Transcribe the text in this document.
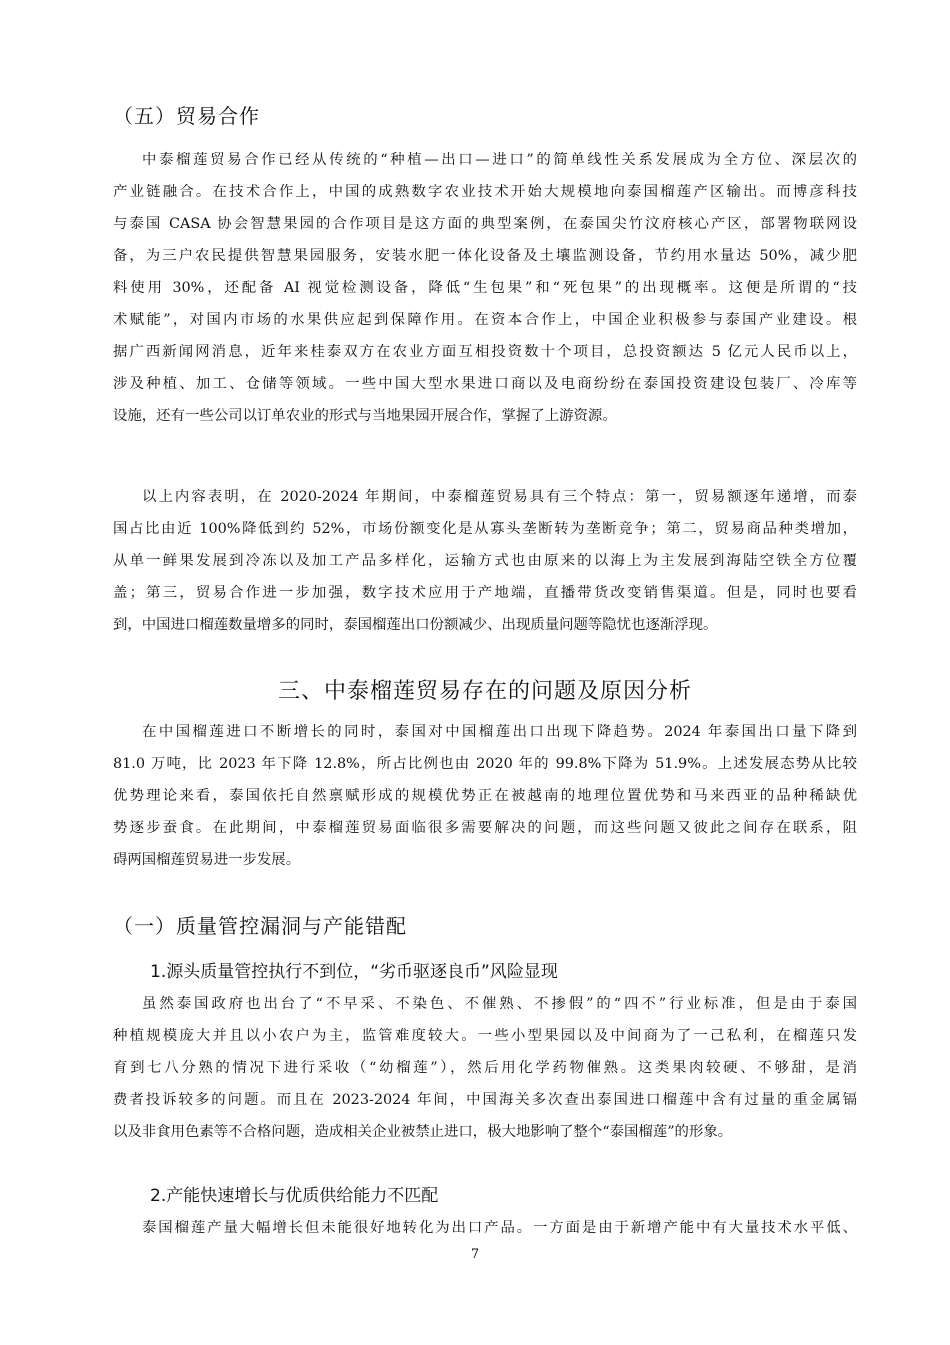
（五）贸易合作
中泰榴莲贸易合作已经从传统的“种植—出口—进口”的简单线性关系发展成为全方位、深层次的
产业链融合。在技术合作上，中国的成熟数字农业技术开始大规模地向泰国榴莲产区输出。而博彦科技
与泰国 CASA 协会智慧果园的合作项目是这方面的典型案例，在泰国尖竹汶府核心产区，部署物联网设
备，为三户农民提供智慧果园服务，安装水肥一体化设备及土壤监测设备，节约用水量达 50%，减少肥
料使用 30%，还配备 AI 视觉检测设备，降低“生包果”和“死包果”的出现概率。这便是所谓的“技
术赋能”，对国内市场的水果供应起到保障作用。在资本合作上，中国企业积极参与泰国产业建设。根
据广西新闻网消息，近年来桂泰双方在农业方面互相投资数十个项目，总投资额达 5 亿元人民币以上，
涉及种植、加工、仓储等领域。一些中国大型水果进口商以及电商纷纷在泰国投资建设包装厂、冷库等
设施，还有一些公司以订单农业的形式与当地果园开展合作，掌握了上游资源。
以上内容表明，在 2020-2024 年期间，中泰榴莲贸易具有三个特点：第一，贸易额逐年递增，而泰
国占比由近 100%降低到约 52%，市场份额变化是从寡头垄断转为垄断竞争；第二，贸易商品种类增加，
从单一鲜果发展到冷冻以及加工产品多样化，运输方式也由原来的以海上为主发展到海陆空铁全方位覆
盖；第三，贸易合作进一步加强，数字技术应用于产地端，直播带货改变销售渠道。但是，同时也要看
到，中国进口榴莲数量增多的同时，泰国榴莲出口份额减少、出现质量问题等隐忧也逐渐浮现。
三、中泰榴莲贸易存在的问题及原因分析
在中国榴莲进口不断增长的同时，泰国对中国榴莲出口出现下降趋势。2024 年泰国出口量下降到
81.0 万吨，比 2023 年下降 12.8%，所占比例也由 2020 年的 99.8%下降为 51.9%。上述发展态势从比较
优势理论来看，泰国依托自然禀赋形成的规模优势正在被越南的地理位置优势和马来西亚的品种稀缺优
势逐步蚕食。在此期间，中泰榴莲贸易面临很多需要解决的问题，而这些问题又彼此之间存在联系，阻
碍两国榴莲贸易进一步发展。
（一）质量管控漏洞与产能错配
1.源头质量管控执行不到位，“劣币驱逐良币”风险显现
虽然泰国政府也出台了“不早采、不染色、不催熟、不掺假”的“四不”行业标准，但是由于泰国
种植规模庞大并且以小农户为主，监管难度较大。一些小型果园以及中间商为了一己私利，在榴莲只发
育到七八分熟的情况下进行采收（“幼榴莲”），然后用化学药物催熟。这类果肉较硬、不够甜，是消
费者投诉较多的问题。而且在 2023-2024 年间，中国海关多次查出泰国进口榴莲中含有过量的重金属镉
以及非食用色素等不合格问题，造成相关企业被禁止进口，极大地影响了整个“泰国榴莲”的形象。
2.产能快速增长与优质供给能力不匹配
泰国榴莲产量大幅增长但未能很好地转化为出口产品。一方面是由于新增产能中有大量技术水平低、
7
